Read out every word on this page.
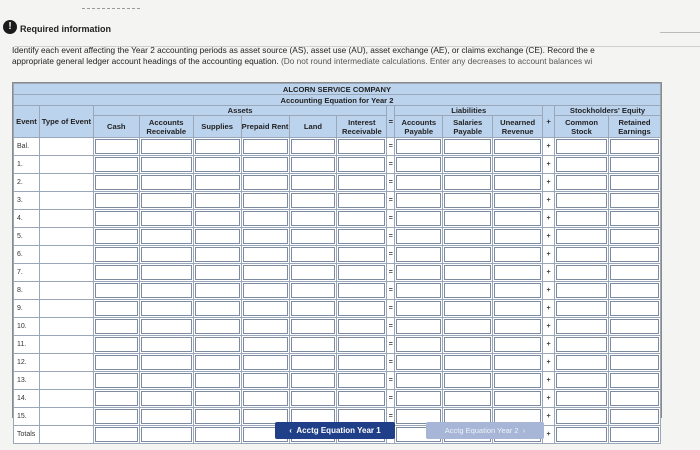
! Required information
Identify each event affecting the Year 2 accounting periods as asset source (AS), asset use (AU), asset exchange (AE), or claims exchange (CE). Record the e
appropriate general ledger account headings of the accounting equation. (Do not round intermediate calculations. Enter any decreases to account balances wi
ALCORN SERVICE COMPANY														
Accounting Equation for Year 2														
Event	Type of Event	Assets						=	Liabilities			+	Stockholders' Equity	
		Cash	Accounts Receivable	Supplies	Prepaid Rent	Land	Interest Receivable		Accounts Payable	Salaries Payable	Unearned Revenue		Common Stock	Retained Earnings

Bal.								=				+	

1.								=				+	

2.								=				+	

3.								=				+	

4.								=				+	

5.								=				+	

6.								=				+	

7.								=				+	

8.								=				+	

9.								=				+	

10.								=				+	

11.								=				+	

12.								=				+	

13.								=				+	

14.								=				+	

15.								=				+	

Totals												+	

‹ Acctg Equation Year 1	Acctg Equation Year 2 ›
